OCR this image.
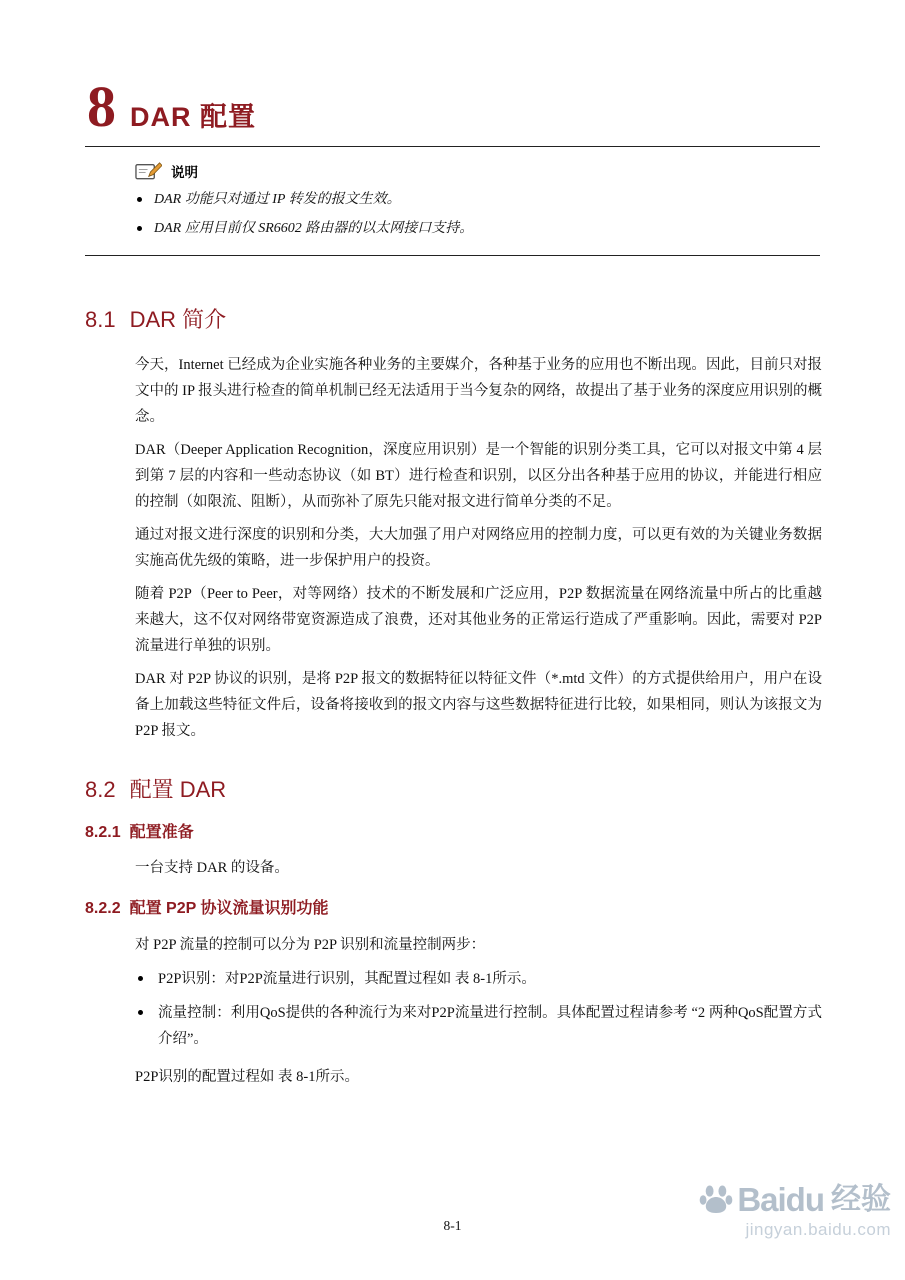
8 DAR 配置
说明
DAR 功能只对通过 IP 转发的报文生效。
DAR 应用目前仅 SR6602 路由器的以太网接口支持。
8.1 DAR 简介

今天，Internet 已经成为企业实施各种业务的主要媒介，各种基于业务的应用也不断出现。因此，目前只对报文中的 IP 报头进行检查的简单机制已经无法适用于当今复杂的网络，故提出了基于业务的深度应用识别的概念。

DAR（Deeper Application Recognition，深度应用识别）是一个智能的识别分类工具，它可以对报文中第 4 层到第 7 层的内容和一些动态协议（如 BT）进行检查和识别，以区分出各种基于应用的协议，并能进行相应的控制（如限流、阻断），从而弥补了原先只能对报文进行简单分类的不足。

通过对报文进行深度的识别和分类，大大加强了用户对网络应用的控制力度，可以更有效的为关键业务数据实施高优先级的策略，进一步保护用户的投资。

随着 P2P（Peer to Peer，对等网络）技术的不断发展和广泛应用，P2P 数据流量在网络流量中所占的比重越来越大，这不仅对网络带宽资源造成了浪费，还对其他业务的正常运行造成了严重影响。因此，需要对 P2P 流量进行单独的识别。

DAR 对 P2P 协议的识别，是将 P2P 报文的数据特征以特征文件（*.mtd 文件）的方式提供给用户，用户在设备上加载这些特征文件后，设备将接收到的报文内容与这些数据特征进行比较，如果相同，则认为该报文为 P2P 报文。

8.2 配置 DAR
8.2.1 配置准备

一台支持 DAR 的设备。

8.2.2 配置 P2P 协议流量识别功能

对 P2P 流量的控制可以分为 P2P 识别和流量控制两步：

P2P识别：对P2P流量进行识别，其配置过程如 表 8-1所示。
流量控制：利用QoS提供的各种流行为来对P2P流量进行控制。具体配置过程请参考 “2 两种QoS配置方式介绍”。

P2P识别的配置过程如 表 8-1所示。

8-1
Baidu 经验
jingyan.baidu.com
